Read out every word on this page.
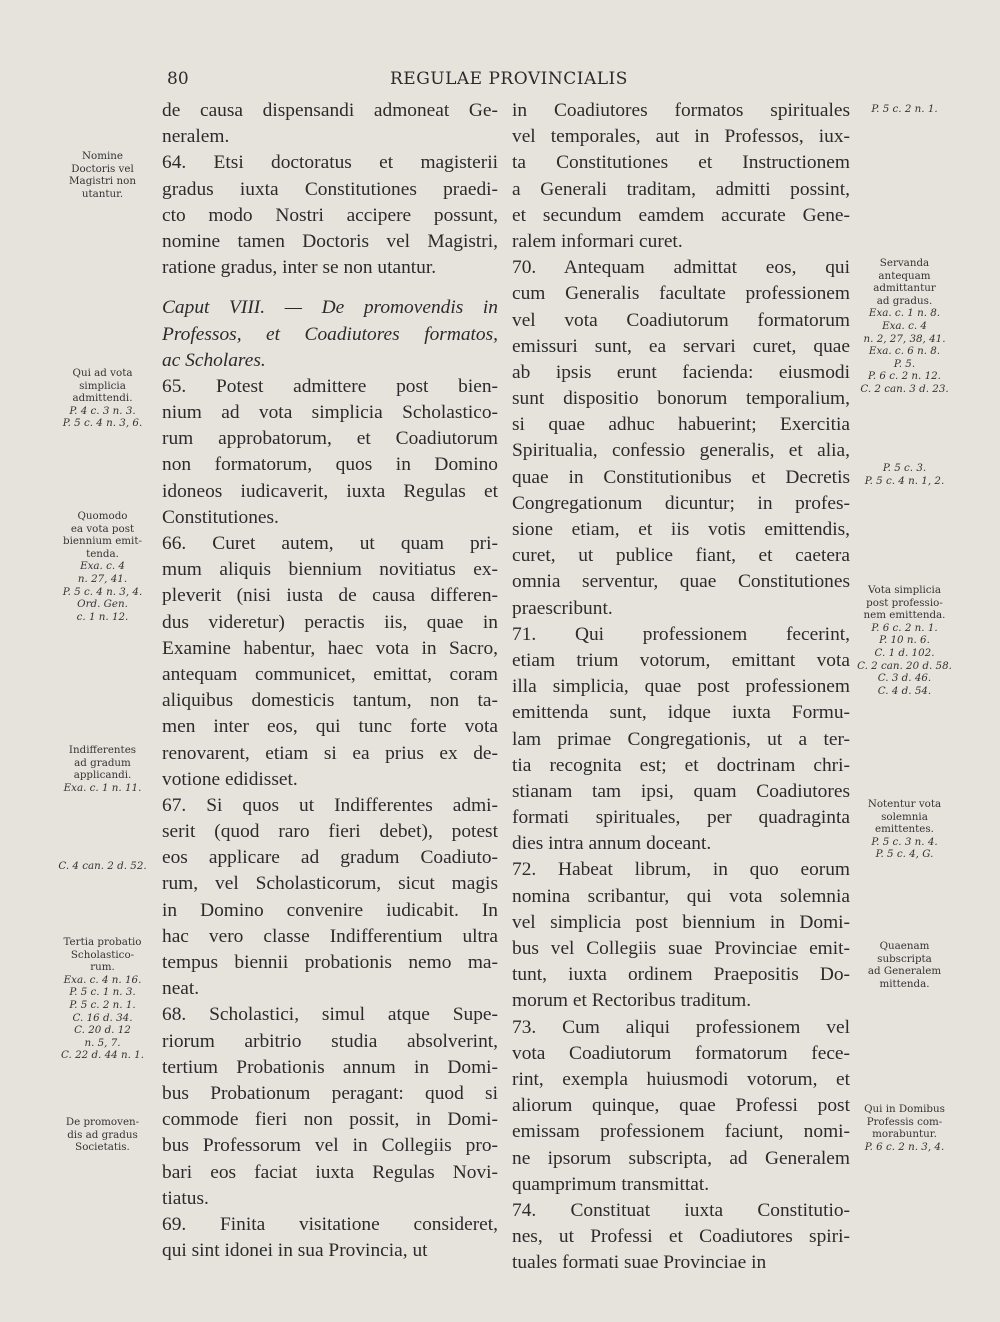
80	REGULAE PROVINCIALIS
de causa dispensandi admoneat Ge-
neralem.
64. Etsi doctoratus et magisterii
gradus iuxta Constitutiones praedi-
cto modo Nostri accipere possunt,
nomine tamen Doctoris vel Magistri,
ratione gradus, inter se non utantur.
Caput VIII. — De promovendis in
Professos, et Coadiutores formatos,
ac Scholares.
65. Potest admittere post bien-
nium ad vota simplicia Scholastico-
rum approbatorum, et Coadiutorum
non formatorum, quos in Domino
idoneos iudicaverit, iuxta Regulas et
Constitutiones.
66. Curet autem, ut quam pri-
mum aliquis biennium novitiatus ex-
pleverit (nisi iusta de causa differen-
dus videretur) peractis iis, quae in
Examine habentur, haec vota in Sacro,
antequam communicet, emittat, coram
aliquibus domesticis tantum, non ta-
men inter eos, qui tunc forte vota
renovarent, etiam si ea prius ex de-
votione edidisset.
67. Si quos ut Indifferentes admi-
serit (quod raro fieri debet), potest
eos applicare ad gradum Coadiuto-
rum, vel Scholasticorum, sicut magis
in Domino convenire iudicabit. In
hac vero classe Indifferentium ultra
tempus biennii probationis nemo ma-
neat.
68. Scholastici, simul atque Supe-
riorum arbitrio studia absolverint,
tertium Probationis annum in Domi-
bus Probationum peragant: quod si
commode fieri non possit, in Domi-
bus Professorum vel in Collegiis pro-
bari eos faciat iuxta Regulas Novi-
tiatus.
69. Finita visitatione consideret,
qui sint idonei in sua Provincia, ut
in Coadiutores formatos spirituales
vel temporales, aut in Professos, iux-
ta Constitutiones et Instructionem
a Generali traditam, admitti possint,
et secundum eamdem accurate Gene-
ralem informari curet.
70. Antequam admittat eos, qui
cum Generalis facultate professionem
vel vota Coadiutorum formatorum
emissuri sunt, ea servari curet, quae
ab ipsis erunt facienda: eiusmodi
sunt dispositio bonorum temporalium,
si quae adhuc habuerint; Exercitia
Spiritualia, confessio generalis, et alia,
quae in Constitutionibus et Decretis
Congregationum dicuntur; in profes-
sione etiam, et iis votis emittendis,
curet, ut publice fiant, et caetera
omnia serventur, quae Constitutiones
praescribunt.
71. Qui professionem fecerint,
etiam trium votorum, emittant vota
illa simplicia, quae post professionem
emittenda sunt, idque iuxta Formu-
lam primae Congregationis, ut a ter-
tia recognita est; et doctrinam chri-
stianam tam ipsi, quam Coadiutores
formati spirituales, per quadraginta
dies intra annum doceant.
72. Habeat librum, in quo eorum
nomina scribantur, qui vota solemnia
vel simplicia post biennium in Domi-
bus vel Collegiis suae Provinciae emit-
tunt, iuxta ordinem Praepositis Do-
morum et Rectoribus traditum.
73. Cum aliqui professionem vel
vota Coadiutorum formatorum fece-
rint, exempla huiusmodi votorum, et
aliorum quinque, quae Professi post
emissam professionem faciunt, nomi-
ne ipsorum subscripta, ad Generalem
quamprimum transmittat.
74. Constituat iuxta Constitutio-
nes, ut Professi et Coadiutores spiri-
tuales formati suae Provinciae in
Nomine
Doctoris vel
Magistri non
utantur.
Qui ad vota
simplicia
admittendi.
P. 4 c. 3 n. 3.
P. 5 c. 4 n. 3, 6.
Quomodo
ea vota post
biennium emit-
tenda.
Exa. c. 4
n. 27, 41.
P. 5 c. 4 n. 3, 4.
Ord. Gen.
c. 1 n. 12.
Indifferentes
ad gradum
applicandi.
Exa. c. 1 n. 11.
C. 4 can. 2 d. 52.
Tertia probatio
Scholastico-
rum.
Exa. c. 4 n. 16.
P. 5 c. 1 n. 3.
P. 5 c. 2 n. 1.
C. 16 d. 34.
C. 20 d. 12
n. 5, 7.
C. 22 d. 44 n. 1.
De promoven-
dis ad gradus
Societatis.
P. 5 c. 2 n. 1.
Servanda
antequam
admittantur
ad gradus.
Exa. c. 1 n. 8.
Exa. c. 4
n. 2, 27, 38, 41.
Exa. c. 6 n. 8.
P. 5.
P. 6 c. 2 n. 12.
C. 2 can. 3 d. 23.
P. 5 c. 3.
P. 5 c. 4 n. 1, 2.
Vota simplicia
post professio-
nem emittenda.
P. 6 c. 2 n. 1.
P. 10 n. 6.
C. 1 d. 102.
C. 2 can. 20 d. 58.
C. 3 d. 46.
C. 4 d. 54.
Notentur vota
solemnia
emittentes.
P. 5 c. 3 n. 4.
P. 5 c. 4, G.
Quaenam
subscripta
ad Generalem
mittenda.
Qui in Domibus
Professis com-
morabuntur.
P. 6 c. 2 n. 3, 4.
